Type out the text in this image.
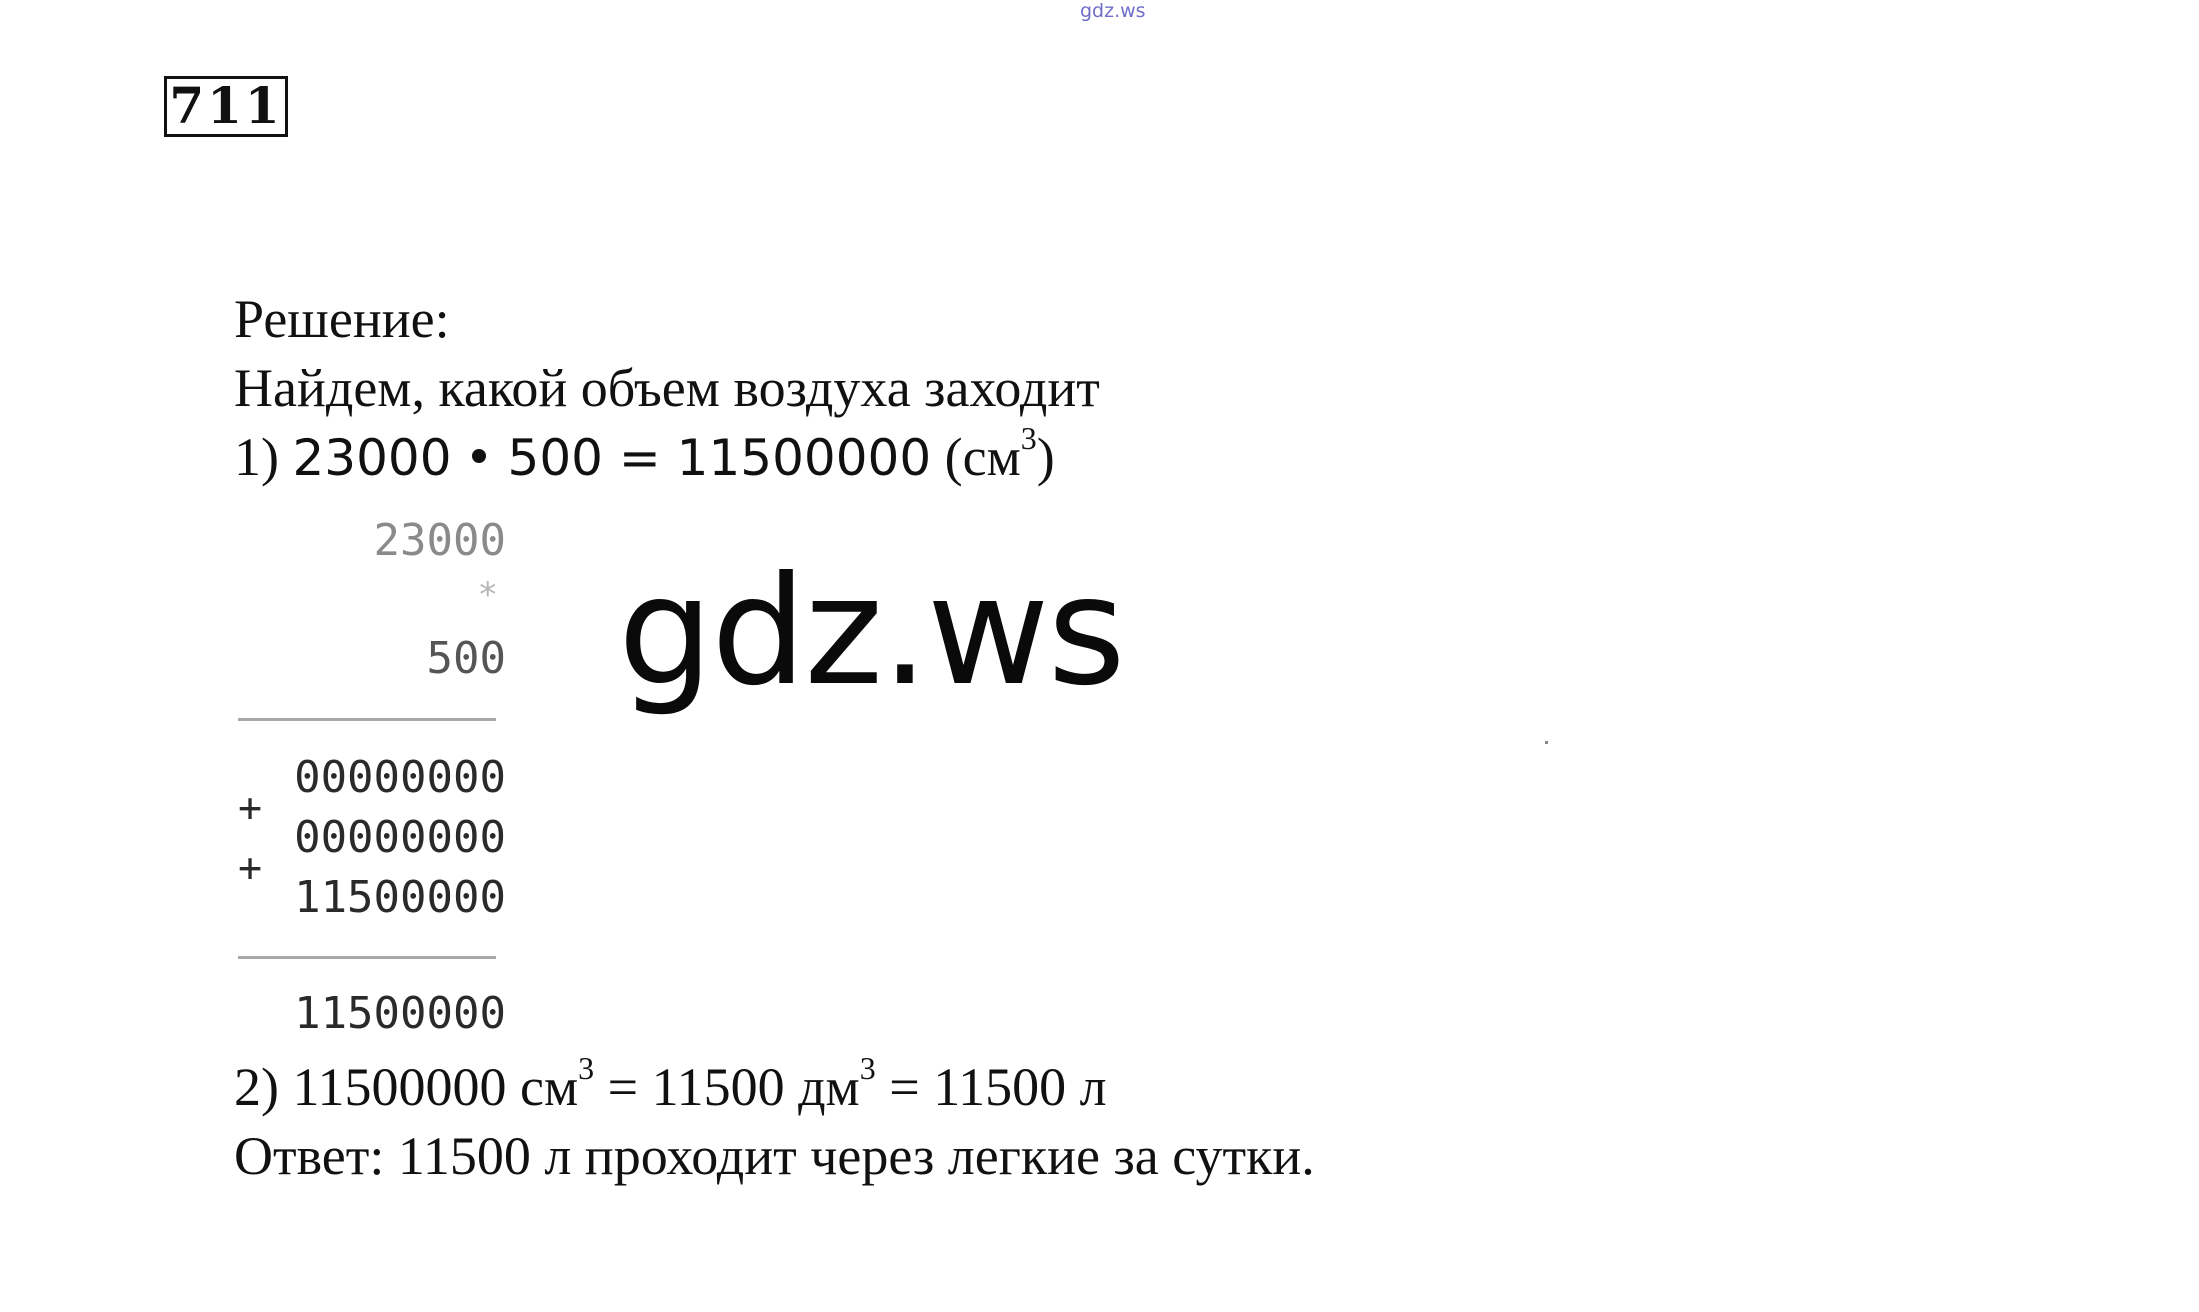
gdz.ws
711
Решение:
Найдем, какой объем воздуха заходит
1) 23000 500 = 11500000 $(см^3)$
23000
*
500
00000000
+
00000000
+
11500000
11500000
gdz.ws
2) 11500000 $см^3 = 11500$ $дм^3 = 11500$ л
Ответ: 11500 л проходит через легкие за сутки.
